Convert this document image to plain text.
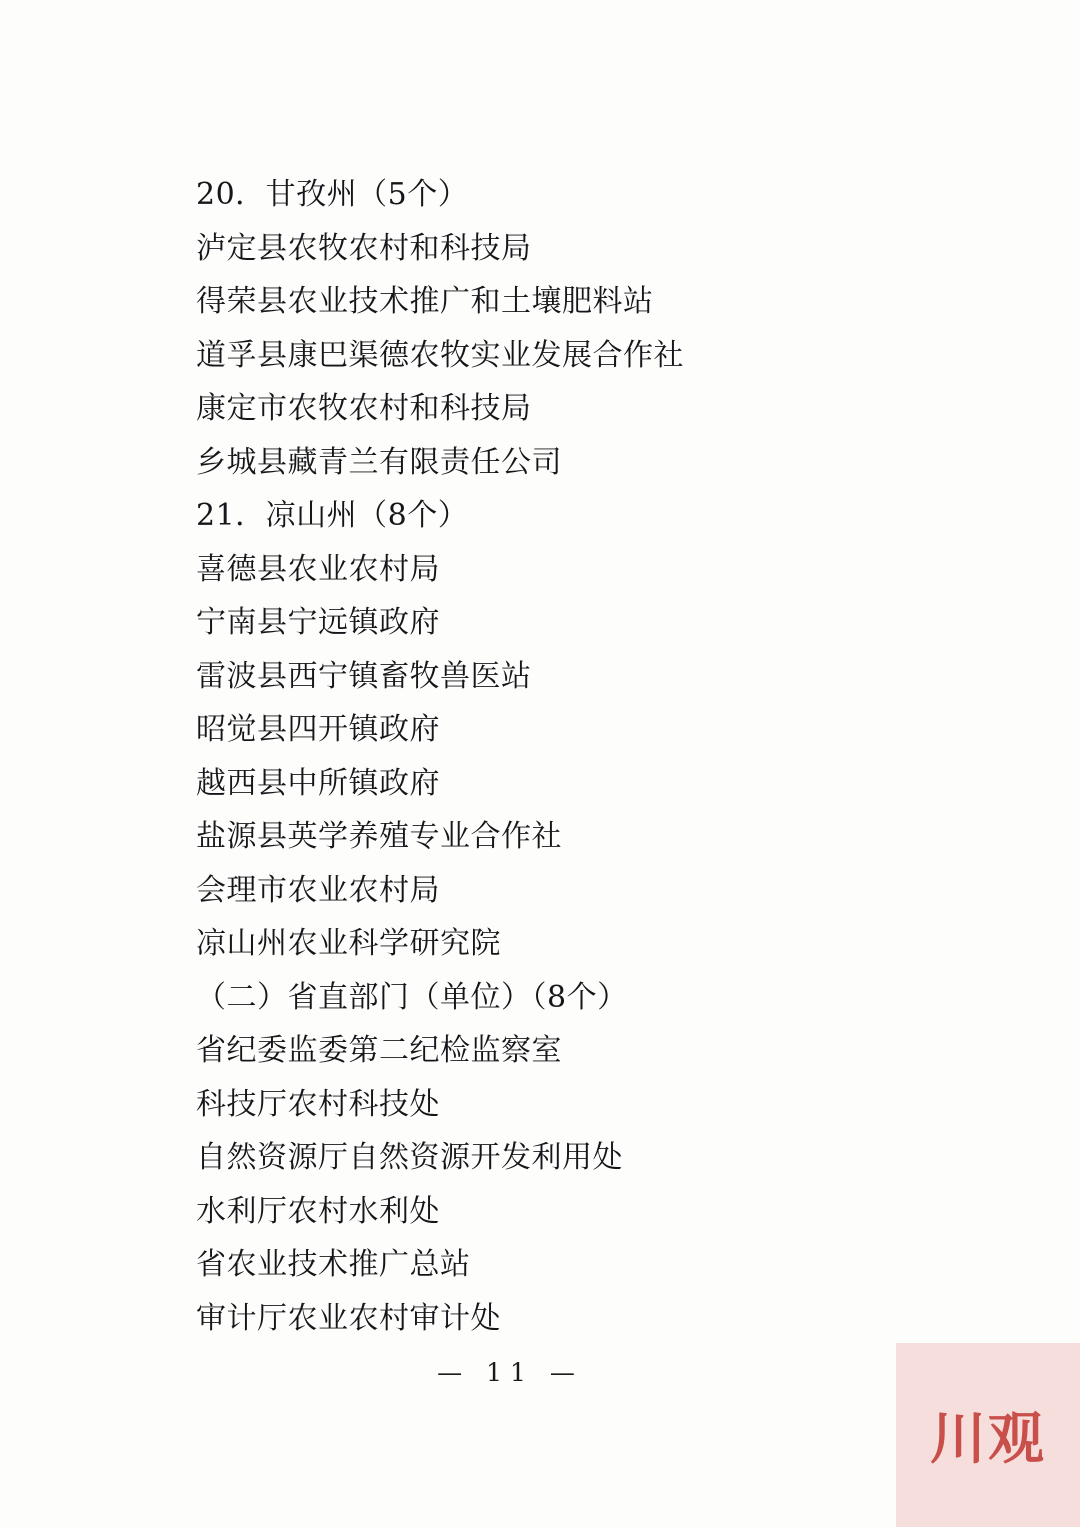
20．甘孜州（5个）
泸定县农牧农村和科技局
得荣县农业技术推广和土壤肥料站
道孚县康巴渠德农牧实业发展合作社
康定市农牧农村和科技局
乡城县藏青兰有限责任公司
21．凉山州（8个）
喜德县农业农村局
宁南县宁远镇政府
雷波县西宁镇畜牧兽医站
昭觉县四开镇政府
越西县中所镇政府
盐源县英学养殖专业合作社
会理市农业农村局
凉山州农业科学研究院
（二）省直部门（单位）（8个）
省纪委监委第二纪检监察室
科技厅农村科技处
自然资源厅自然资源开发利用处
水利厅农村水利处
省农业技术推广总站
审计厅农业农村审计处
— 11 —
川观
